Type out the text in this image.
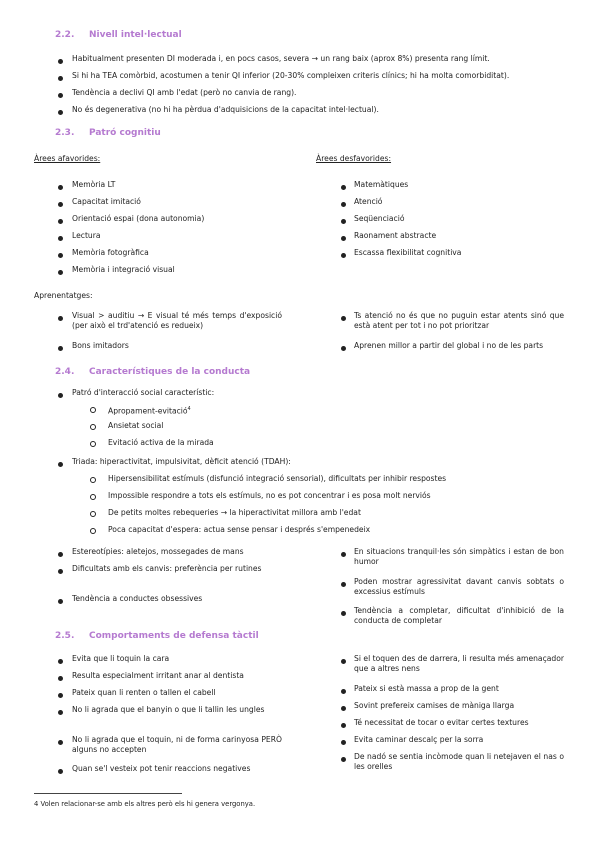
2.2. Nivell intel·lectual
Habitualment presenten DI moderada i, en pocs casos, severa → un rang baix (aprox 8%) presenta rang límit.
Si hi ha TEA comòrbid, acostumen a tenir QI inferior (20-30% compleixen criteris clínics; hi ha molta comorbiditat).
Tendència a declivi QI amb l'edat (però no canvia de rang).
No és degenerativa (no hi ha pèrdua d'adquisicions de la capacitat intel·lectual).
2.3. Patró cognitiu
Àrees afavorides:	Àrees desfavorides:
Memòria LT
Capacitat imitació
Orientació espai (dona autonomia)
Lectura
Memòria fotogràfica
Memòria i integració visual
Matemàtiques
Atenció
Seqüenciació
Raonament abstracte
Escassa flexibilitat cognitiva
Aprenentatges:
Visual > auditiu → E visual té més temps d'exposició (per això el trd'atenció es redueix)
Bons imitadors
Ts atenció no és que no puguin estar atents sinó que està atent per tot i no pot prioritzar
Aprenen millor a partir del global i no de les parts
2.4. Característiques de la conducta
Patró d'interacció social característic:
Apropament-evitació$^4$
Ansietat social
Evitació activa de la mirada
Triada: hiperactivitat, impulsivitat, dèficit atenció (TDAH):
Hipersensibilitat estímuls (disfunció integració sensorial), dificultats per inhibir respostes
Impossible respondre a tots els estímuls, no es pot concentrar i es posa molt nerviós
De petits moltes rebequeries → la hiperactivitat millora amb l'edat
Poca capacitat d'espera: actua sense pensar i després s'empenedeix
Estereotípies: aletejos, mossegades de mans
Dificultats amb els canvis: preferència per rutines
Tendència a conductes obsessives
En situacions tranquil·les són simpàtics i estan de bon humor
Poden mostrar agressivitat davant canvis sobtats o excessius estímuls
Tendència a completar, dificultat d'inhibició de la conducta de completar
2.5. Comportaments de defensa tàctil
Evita que li toquin la cara
Resulta especialment irritant anar al dentista
Pateix quan li renten o tallen el cabell
No li agrada que el banyin o que li tallin les ungles
No li agrada que el toquin, ni de forma carinyosa PERÒ alguns no accepten
Quan se'l vesteix pot tenir reaccions negatives
Si el toquen des de darrera, li resulta més amenaçador que a altres nens
Pateix si està massa a prop de la gent
Sovint prefereix camises de màniga llarga
Té necessitat de tocar o evitar certes textures
Evita caminar descalç per la sorra
De nadó se sentia incòmode quan li netejaven el nas o les orelles
4 Volen relacionar-se amb els altres però els hi genera vergonya.
